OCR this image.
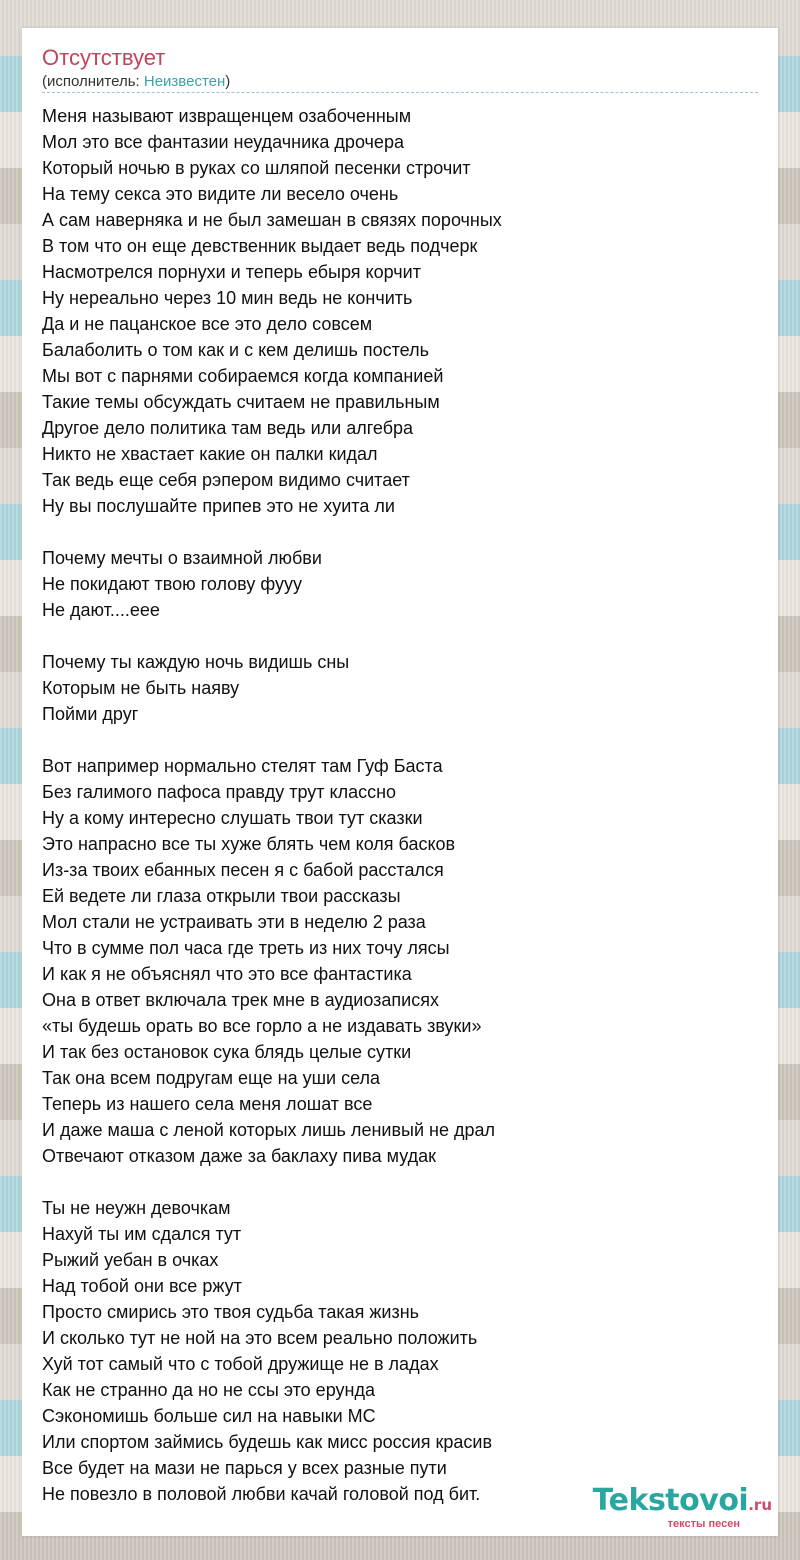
Отсутствует
(исполнитель: Неизвестен)
Меня называют извращенцем озабоченным
Мол это все фантазии неудачника дрочера
Который ночью в руках со шляпой песенки строчит
На тему секса это видите ли весело очень
А сам наверняка и не был замешан в связях порочных
В том что он еще девственник выдает ведь подчерк
Насмотрелся порнухи и теперь ебыря корчит
Ну нереально через 10 мин ведь не кончить
Да и не пацанское все это дело совсем
Балаболить о том как и с кем делишь постель
Мы вот с парнями собираемся когда компанией
Такие темы обсуждать считаем не правильным
Другое дело политика там ведь или алгебра
Никто не хвастает какие он палки кидал
Так ведь еще себя рэпером видимо считает
Ну вы послушайте припев это не хуита ли
Почему мечты о взаимной любви
Не покидают твою голову фууу
Не дают....еее
Почему ты каждую ночь видишь сны
Которым не быть наяву
Пойми друг
Вот например нормально стелят там Гуф Баста
Без галимого пафоса правду трут классно
Ну а кому интересно слушать твои тут сказки
Это напрасно все ты хуже блять чем коля басков
Из-за твоих ебанных песен я с бабой расстался
Ей ведете ли глаза открыли твои рассказы
Мол стали не устраивать эти в неделю 2 раза
Что в сумме пол часа где треть из них точу лясы
И как я не объяснял что это все фантастика
Она в ответ включала трек мне в аудиозаписях
«ты будешь орать во все горло а не издавать звуки»
И так без остановок сука блядь целые сутки
Так она всем подругам еще на уши села
Теперь из нашего села меня лошат все
И даже маша с леной которых лишь ленивый не драл
Отвечают отказом даже за баклаху пива мудак
Ты не неужн девочкам
Нахуй ты им сдался тут
Рыжий уебан в очках
Над тобой они все ржут
Просто смирись это твоя судьба такая жизнь
И сколько тут не ной на это всем реально положить
Хуй тот самый что с тобой дружище не в ладах
Как не странно да но не ссы это ерунда
Сэкономишь больше сил на навыки МС
Или спортом займись будешь как мисс россия красив
Все будет на мази не парься у всех разные пути
Не повезло в половой любви качай головой под бит.	Tekstovoi.ru
тексты песен
